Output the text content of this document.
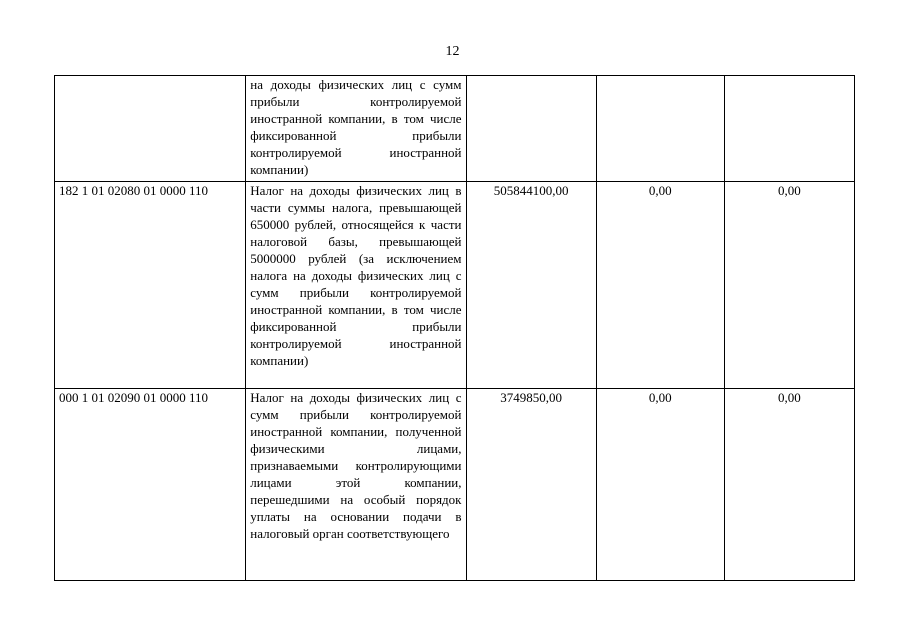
12
	на доходы физических лиц с сумм прибыли контролируемой иностранной компании, в том числе фиксированной прибыли контролируемой иностранной компании)			
182 1 01 02080 01 0000 110	Налог на доходы физических лиц в части суммы налога, превышающей 650000 рублей, относящейся к части налоговой базы, превышающей 5000000 рублей (за исключением налога на доходы физических лиц с сумм прибыли контролируемой иностранной компании, в том числе фиксированной прибыли контролируемой иностранной компании)	505844100,00	0,00	0,00
000 1 01 02090 01 0000 110	Налог на доходы физических лиц с сумм прибыли контролируемой иностранной компании, полученной физическими лицами, признаваемыми контролирующими лицами этой компании, перешедшими на особый порядок уплаты на основании подачи в налоговый орган соответствующего	3749850,00	0,00	0,00
